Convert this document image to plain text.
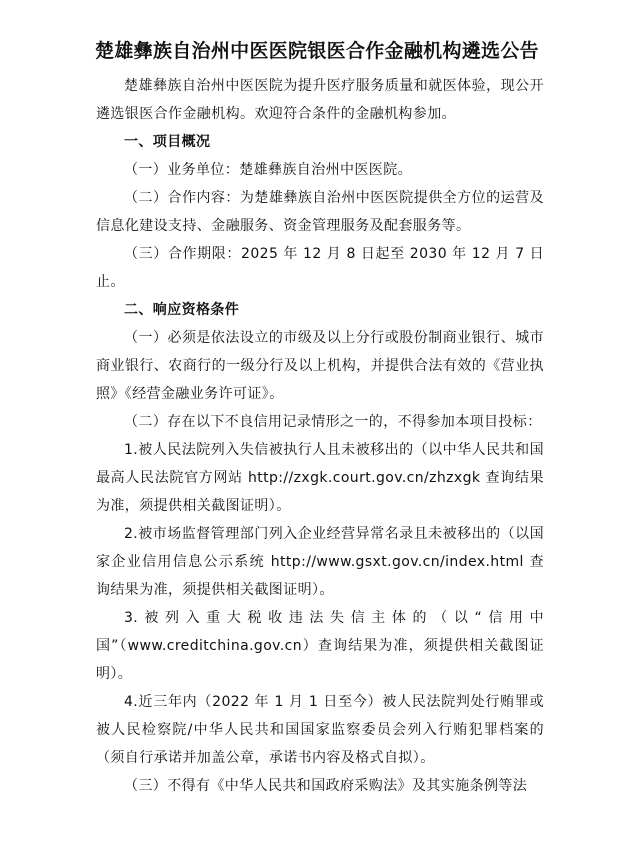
楚雄彝族自治州中医医院银医合作金融机构遴选公告

楚雄彝族自治州中医医院为提升医疗服务质量和就医体验，现公开遴选银医合作金融机构。欢迎符合条件的金融机构参加。

一、项目概况

（一）业务单位：楚雄彝族自治州中医医院。

（二）合作内容：为楚雄彝族自治州中医医院提供全方位的运营及信息化建设支持、金融服务、资金管理服务及配套服务等。

（三）合作期限：2025 年 12 月 8 日起至 2030 年 12 月 7 日止。

二、响应资格条件

（一）必须是依法设立的市级及以上分行或股份制商业银行、城市商业银行、农商行的一级分行及以上机构，并提供合法有效的《营业执照》《经营金融业务许可证》。

（二）存在以下不良信用记录情形之一的，不得参加本项目投标：

1.被人民法院列入失信被执行人且未被移出的（以中华人民共和国最高人民法院官方网站 http://zxgk.court.gov.cn/zhzxgk 查询结果为准，须提供相关截图证明）。

2.被市场监督管理部门列入企业经营异常名录且未被移出的（以国家企业信用信息公示系统 http://www.gsxt.gov.cn/index.html 查询结果为准，须提供相关截图证明）。

3.被列入重大税收违法失信主体的（以“信用中国”（www.creditchina.gov.cn）查询结果为准，须提供相关截图证明）。

4.近三年内（2022 年 1 月 1 日至今）被人民法院判处行贿罪或被人民检察院/中华人民共和国国家监察委员会列入行贿犯罪档案的（须自行承诺并加盖公章，承诺书内容及格式自拟）。

（三）不得有《中华人民共和国政府采购法》及其实施条例等法
